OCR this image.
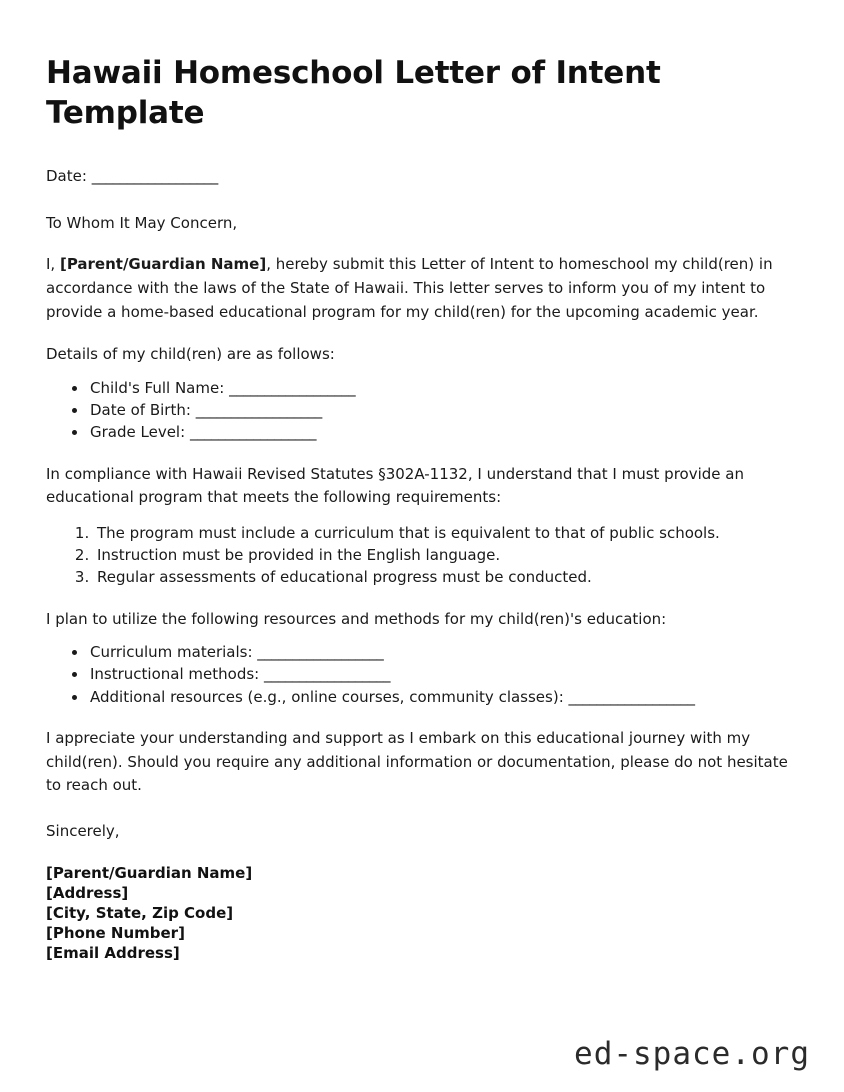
Hawaii Homeschool Letter of Intent Template
Date: __________________
To Whom It May Concern,

I, [Parent/Guardian Name], hereby submit this Letter of Intent to homeschool my child(ren) in accordance with the laws of the State of Hawaii. This letter serves to inform you of my intent to provide a home-based educational program for my child(ren) for the upcoming academic year.

Details of my child(ren) are as follows:

• Child's Full Name: __________________
• Date of Birth: __________________
• Grade Level: __________________

In compliance with Hawaii Revised Statutes §302A-1132, I understand that I must provide an educational program that meets the following requirements:

1. The program must include a curriculum that is equivalent to that of public schools.
2. Instruction must be provided in the English language.
3. Regular assessments of educational progress must be conducted.

I plan to utilize the following resources and methods for my child(ren)'s education:

• Curriculum materials: __________________
• Instructional methods: __________________
• Additional resources (e.g., online courses, community classes): __________________

I appreciate your understanding and support as I embark on this educational journey with my child(ren). Should you require any additional information or documentation, please do not hesitate to reach out.

Sincerely,
[Parent/Guardian Name]
[Address]
[City, State, Zip Code]
[Phone Number]
[Email Address]
ed-space.org
